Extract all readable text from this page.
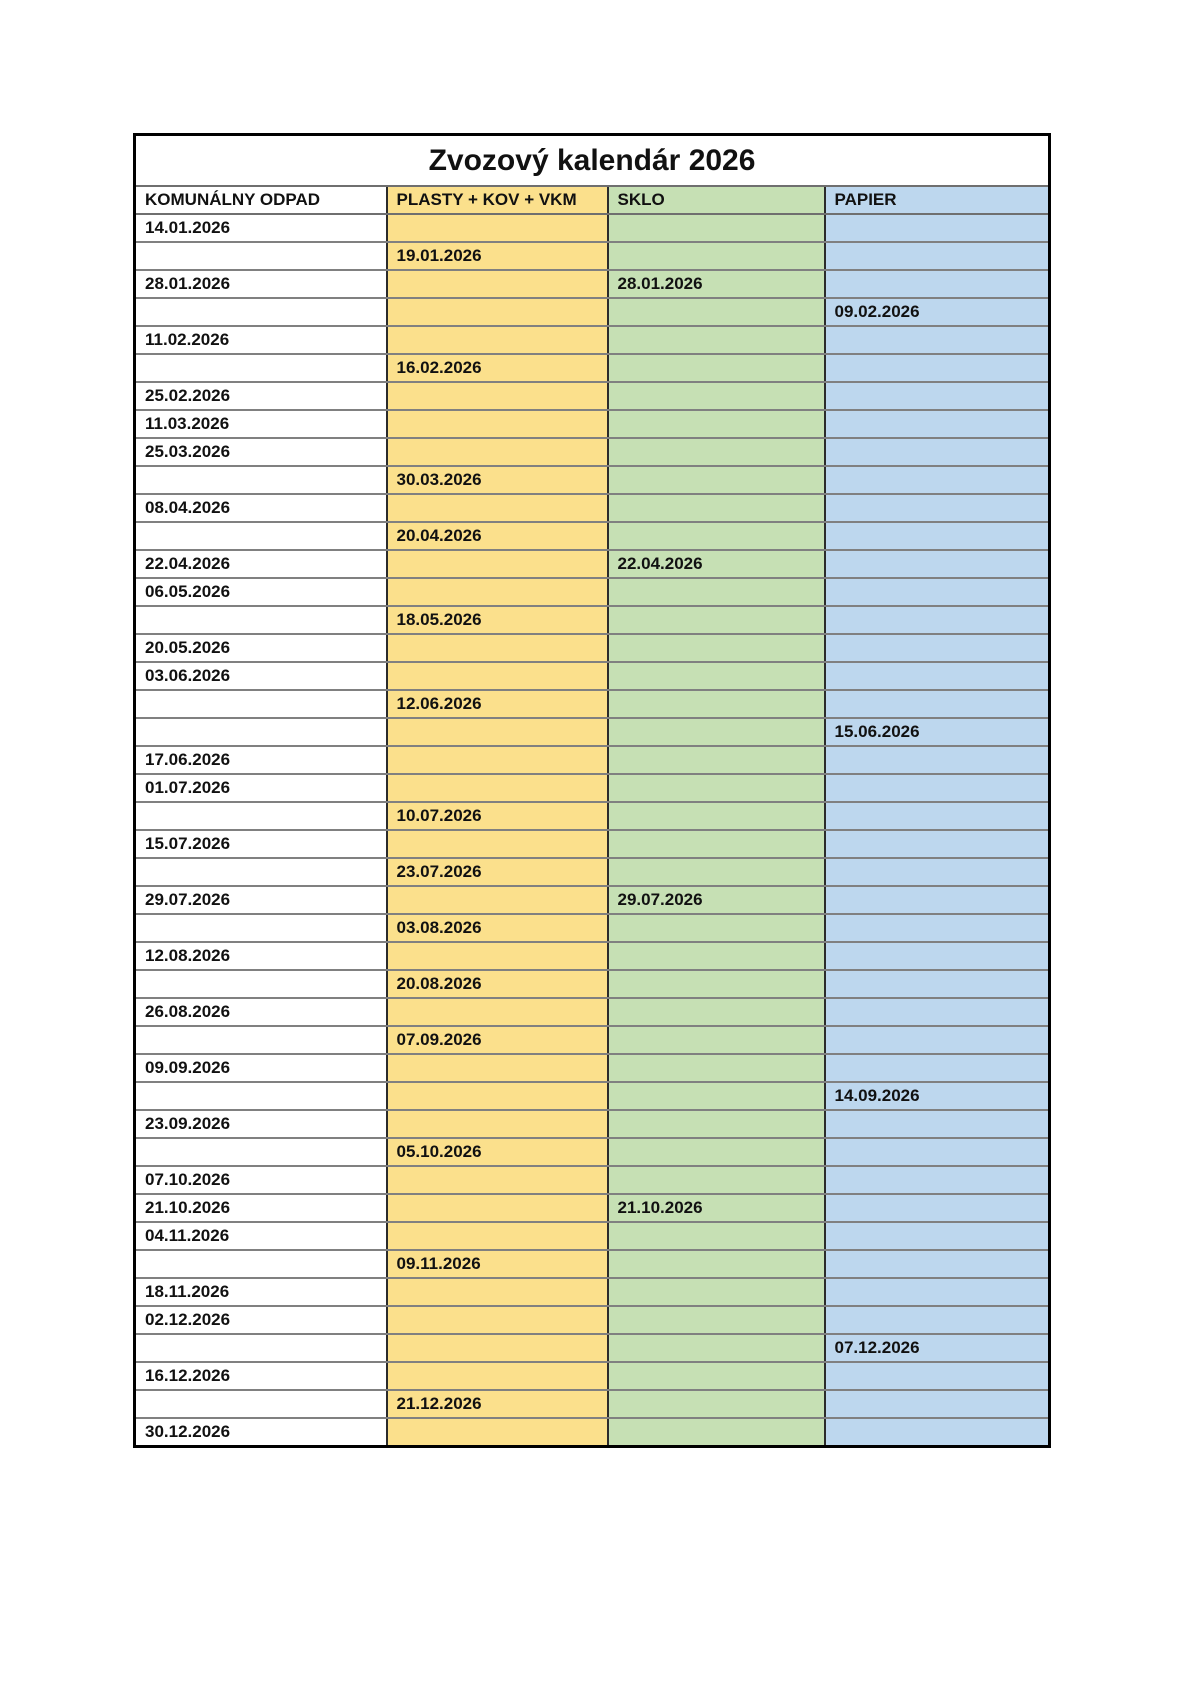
Zvozový kalendár 2026			
KOMUNÁLNY ODPAD	PLASTY + KOV + VKM	SKLO	PAPIER
14.01.2026			
	19.01.2026		
28.01.2026		28.01.2026	
			09.02.2026
11.02.2026			
	16.02.2026		
25.02.2026			
11.03.2026			
25.03.2026			
	30.03.2026		
08.04.2026			
	20.04.2026		
22.04.2026		22.04.2026	
06.05.2026			
	18.05.2026		
20.05.2026			
03.06.2026			
	12.06.2026		
			15.06.2026
17.06.2026			
01.07.2026			
	10.07.2026		
15.07.2026			
	23.07.2026		
29.07.2026		29.07.2026	
	03.08.2026		
12.08.2026			
	20.08.2026		
26.08.2026			
	07.09.2026		
09.09.2026			
			14.09.2026
23.09.2026			
	05.10.2026		
07.10.2026			
21.10.2026		21.10.2026	
04.11.2026			
	09.11.2026		
18.11.2026			
02.12.2026			
			07.12.2026
16.12.2026			
	21.12.2026		
30.12.2026			
